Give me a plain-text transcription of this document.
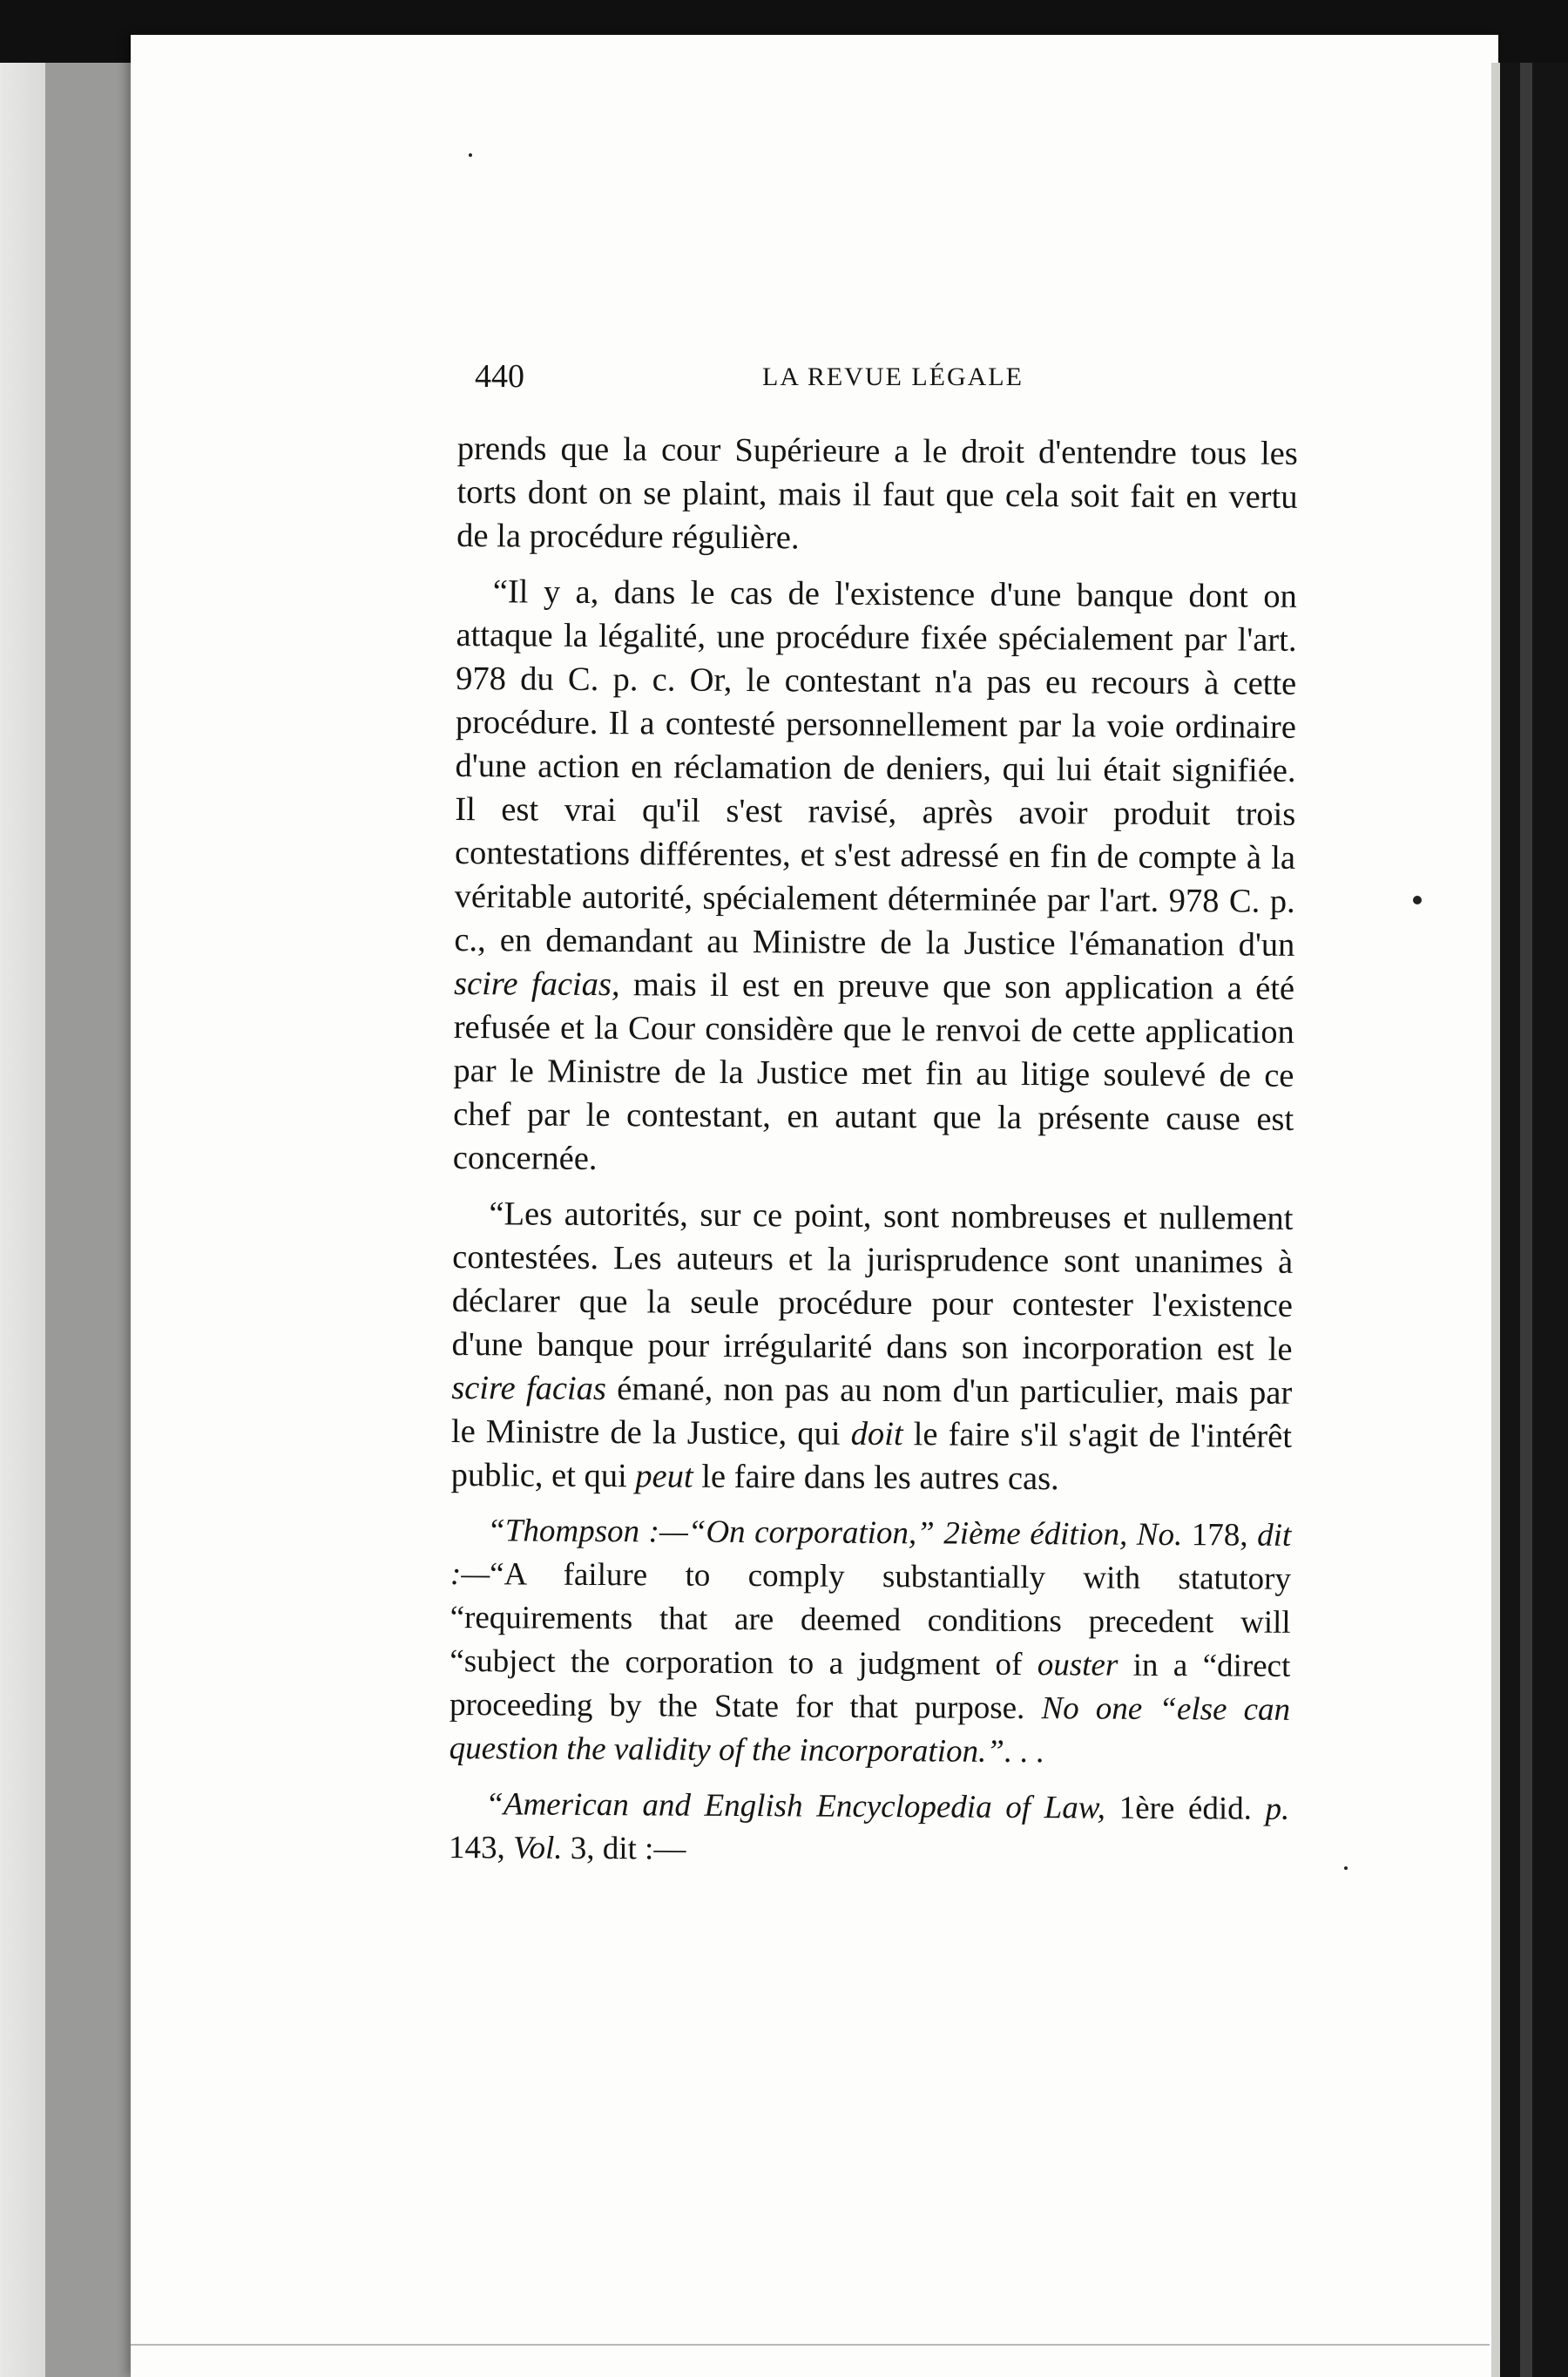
440	LA REVUE LÉGALE

prends que la cour Supérieure a le droit d'entendre tous les torts dont on se plaint, mais il faut que cela soit fait en vertu de la procédure régulière.

“Il y a, dans le cas de l'existence d'une banque dont on attaque la légalité, une procédure fixée spécialement par l'art. 978 du C. p. c. Or, le contestant n'a pas eu recours à cette procédure. Il a contesté personnellement par la voie ordinaire d'une action en réclamation de deniers, qui lui était signifiée. Il est vrai qu'il s'est ravisé, après avoir produit trois contestations différentes, et s'est adressé en fin de compte à la véritable autorité, spécialement déterminée par l'art. 978 C. p. c., en demandant au Ministre de la Justice l'émanation d'un scire facias, mais il est en preuve que son application a été refusée et la Cour considère que le renvoi de cette application par le Ministre de la Justice met fin au litige soulevé de ce chef par le contestant, en autant que la présente cause est concernée.

“Les autorités, sur ce point, sont nombreuses et nullement contestées. Les auteurs et la jurisprudence sont unanimes à déclarer que la seule procédure pour contester l'existence d'une banque pour irrégularité dans son incorporation est le scire facias émané, non pas au nom d'un particulier, mais par le Ministre de la Justice, qui doit le faire s'il s'agit de l'intérêt public, et qui peut le faire dans les autres cas.

“Thompson :—“On corporation,” 2ième édition, No. 178, dit :—“A failure to comply substantially with statutory “requirements that are deemed conditions precedent will “subject the corporation to a judgment of ouster in a “direct proceeding by the State for that purpose. No one “else can question the validity of the incorporation.”. . .

“American and English Encyclopedia of Law, 1ère édid. p. 143, Vol. 3, dit :—
